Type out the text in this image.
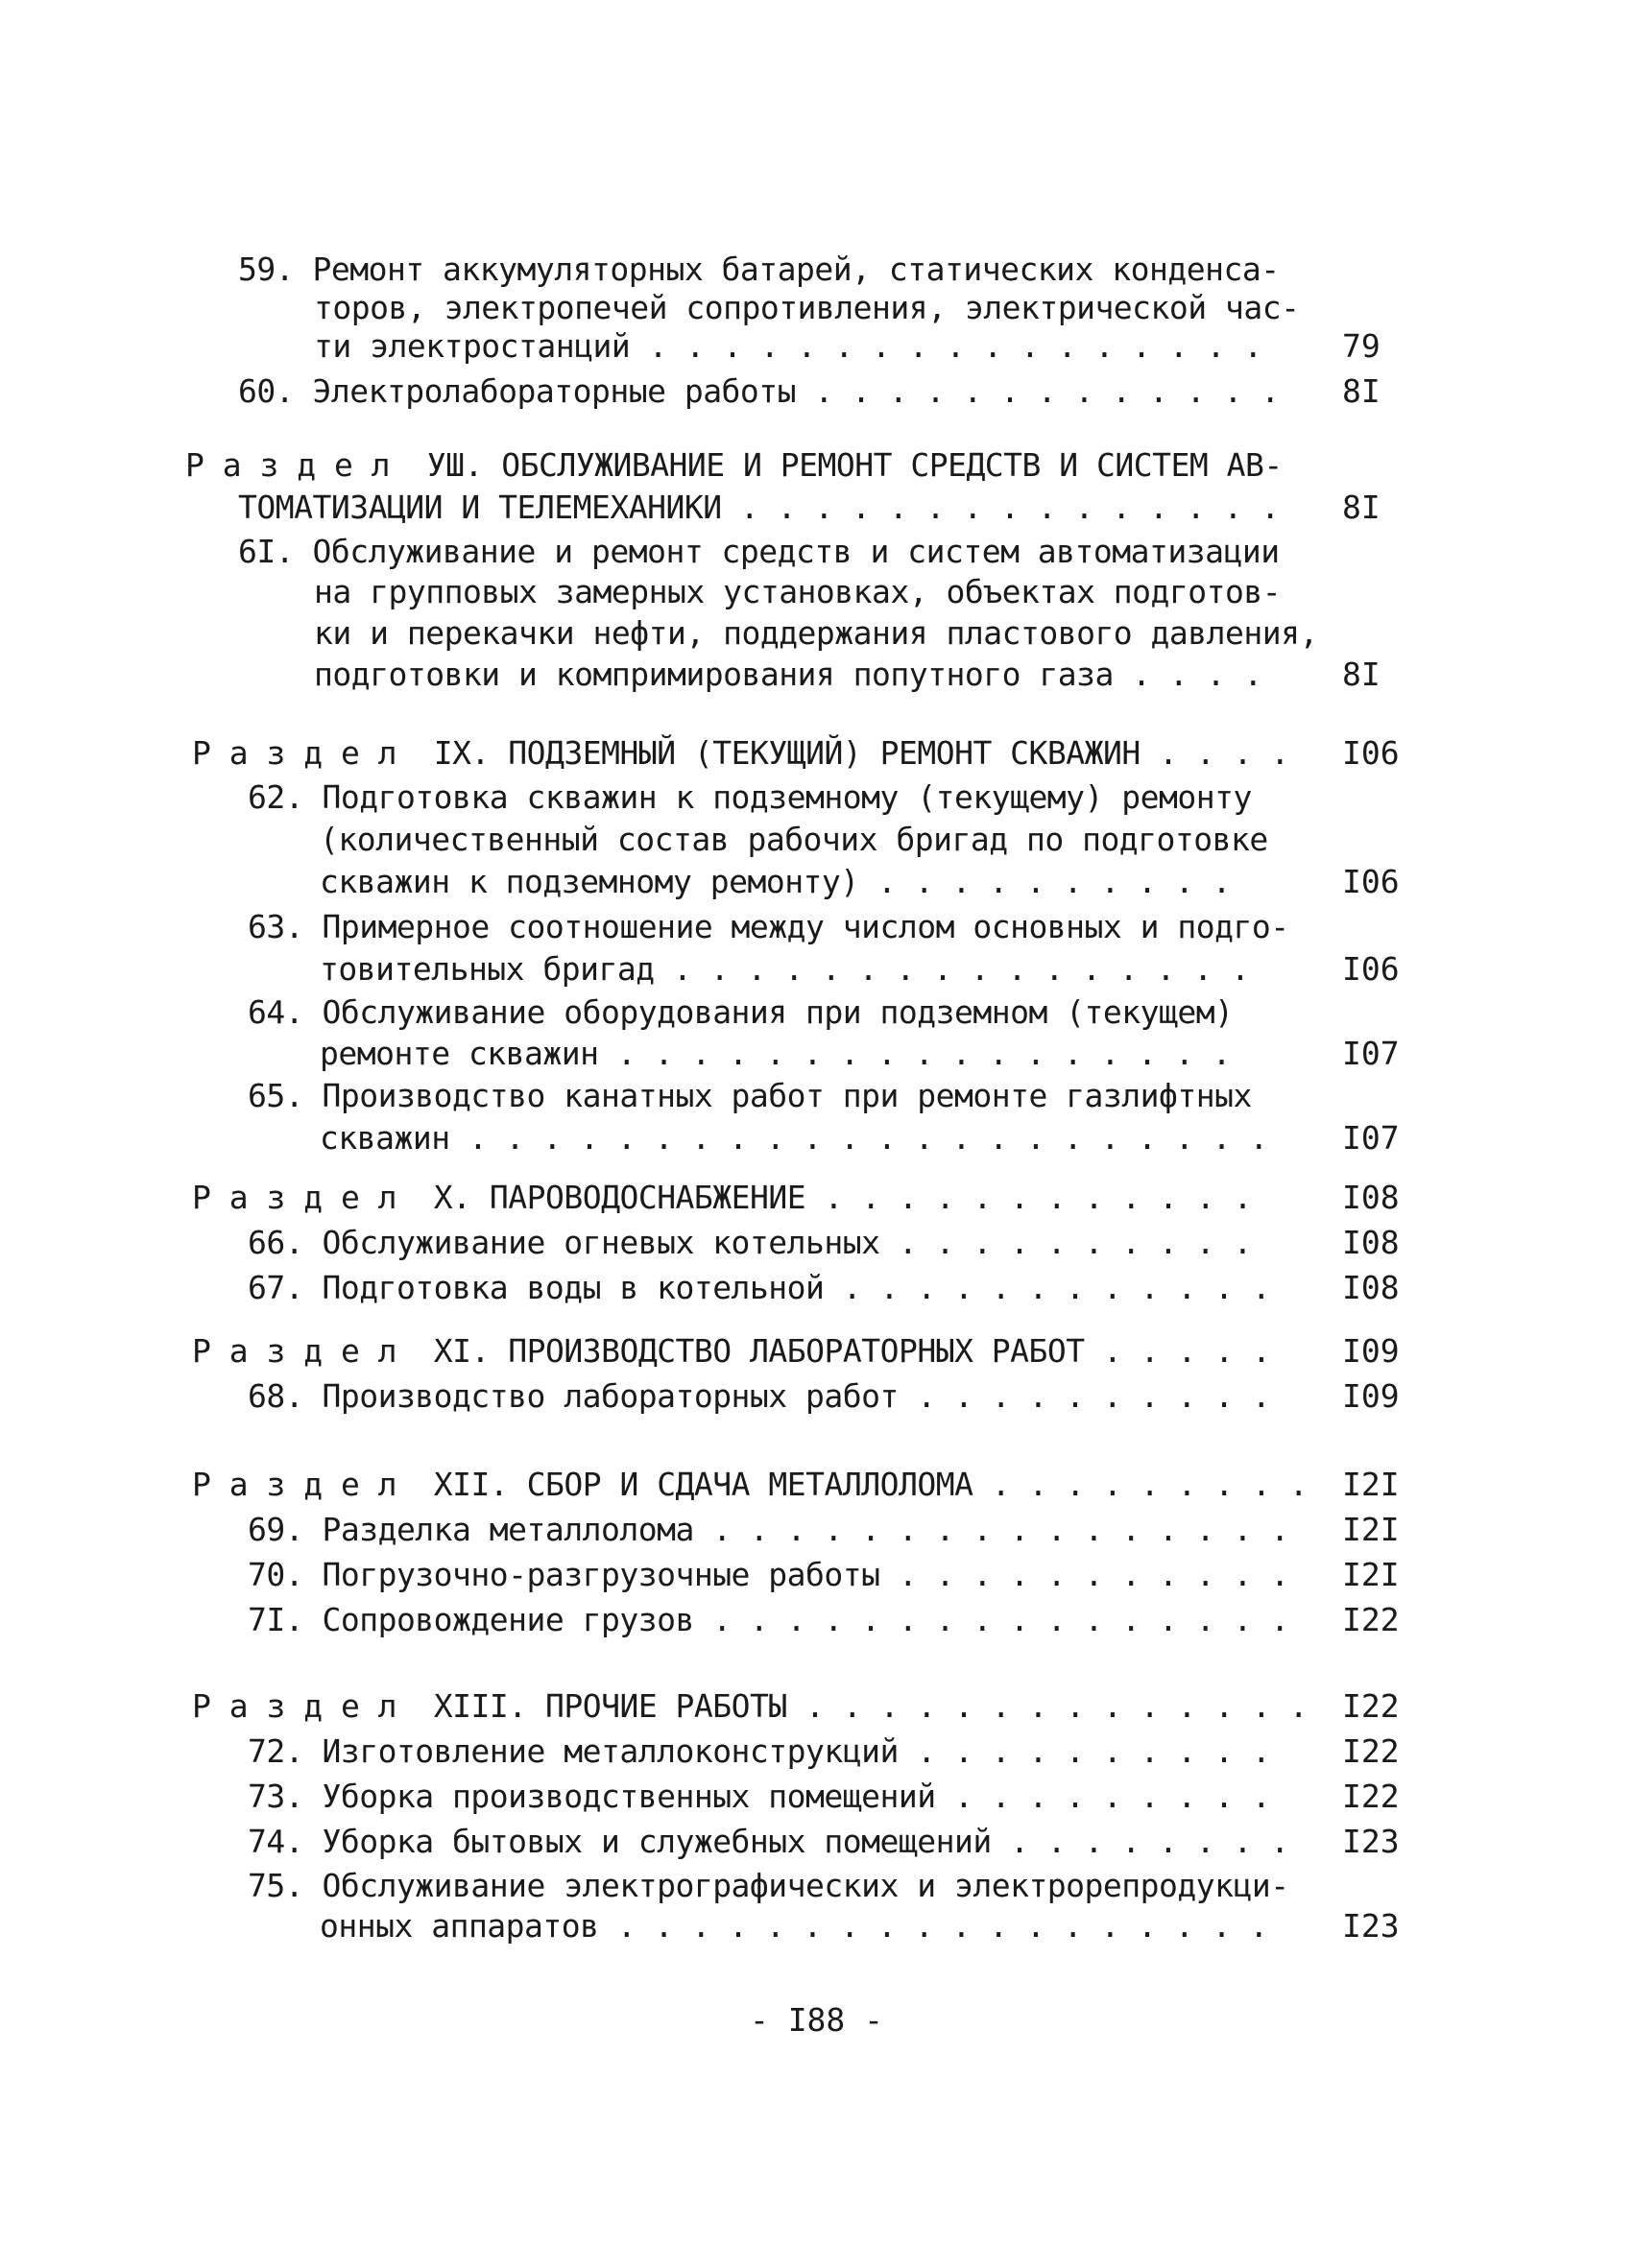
59. Ремонт аккумуляторных батарей, статических конденса-
торов, электропечей сопротивления, электрической час-
ти электростанций . . . . . . . . . . . . . . . . .	79
60. Электролабораторные работы . . . . . . . . . . . . . 8I
Р а з д е л  УШ. ОБСЛУЖИВАНИЕ И РЕМОНТ СРЕДСТВ И СИСТЕМ АВ-
ТОМАТИЗАЦИИ И ТЕЛЕМЕХАНИКИ . . . . . . . . . . . . . . . 8I
6I. Обслуживание и ремонт средств и систем автоматизации
на групповых замерных установках, объектах подготов-
ки и перекачки нефти, поддержания пластового давления,
подготовки и компримирования попутного газа . . . .	8I
Р а з д е л  IX. ПОДЗЕМНЫЙ (ТЕКУЩИЙ) РЕМОНТ СКВАЖИН . . . . I06
62. Подготовка скважин к подземному (текущему) ремонту
(количественный состав рабочих бригад по подготовке
скважин к подземному ремонту) . . . . . . . . . .	I06
63. Примерное соотношение между числом основных и подго-
товительных бригад . . . . . . . . . . . . . . . .	I06
64. Обслуживание оборудования при подземном (текущем)
ремонте скважин . . . . . . . . . . . . . . . . .	I07
65. Производство канатных работ при ремонте газлифтных
скважин . . . . . . . . . . . . . . . . . . . . . . I07
Р а з д е л  Х. ПАРОВОДОСНАБЖЕНИЕ . . . . . . . . . . . .	I08
66. Обслуживание огневых котельных . . . . . . . . . .	I08
67. Подготовка воды в котельной . . . . . . . . . . . . I08
Р а з д е л  XI. ПРОИЗВОДСТВО ЛАБОРАТОРНЫХ РАБОТ . . . . . I09
68. Производство лабораторных работ . . . . . . . . . . I09
Р а з д е л  XII. СБОР И СДАЧА МЕТАЛЛОЛОМА . . . . . . . . . I2I
69. Разделка металлолома . . . . . . . . . . . . . . . . I2I
70. Погрузочно-разгрузочные работы . . . . . . . . . . . I2I
7I. Сопровождение грузов . . . . . . . . . . . . . . . . I22
Р а з д е л  XIII. ПРОЧИЕ РАБОТЫ . . . . . . . . . . . . . . I22
72. Изготовление металлоконструкций . . . . . . . . . . I22
73. Уборка производственных помещений . . . . . . . . . I22
74. Уборка бытовых и служебных помещений . . . . . . . . I23
75. Обслуживание электрографических и электрорепродукци-
онных аппаратов . . . . . . . . . . . . . . . . . . I23
- I88 -
